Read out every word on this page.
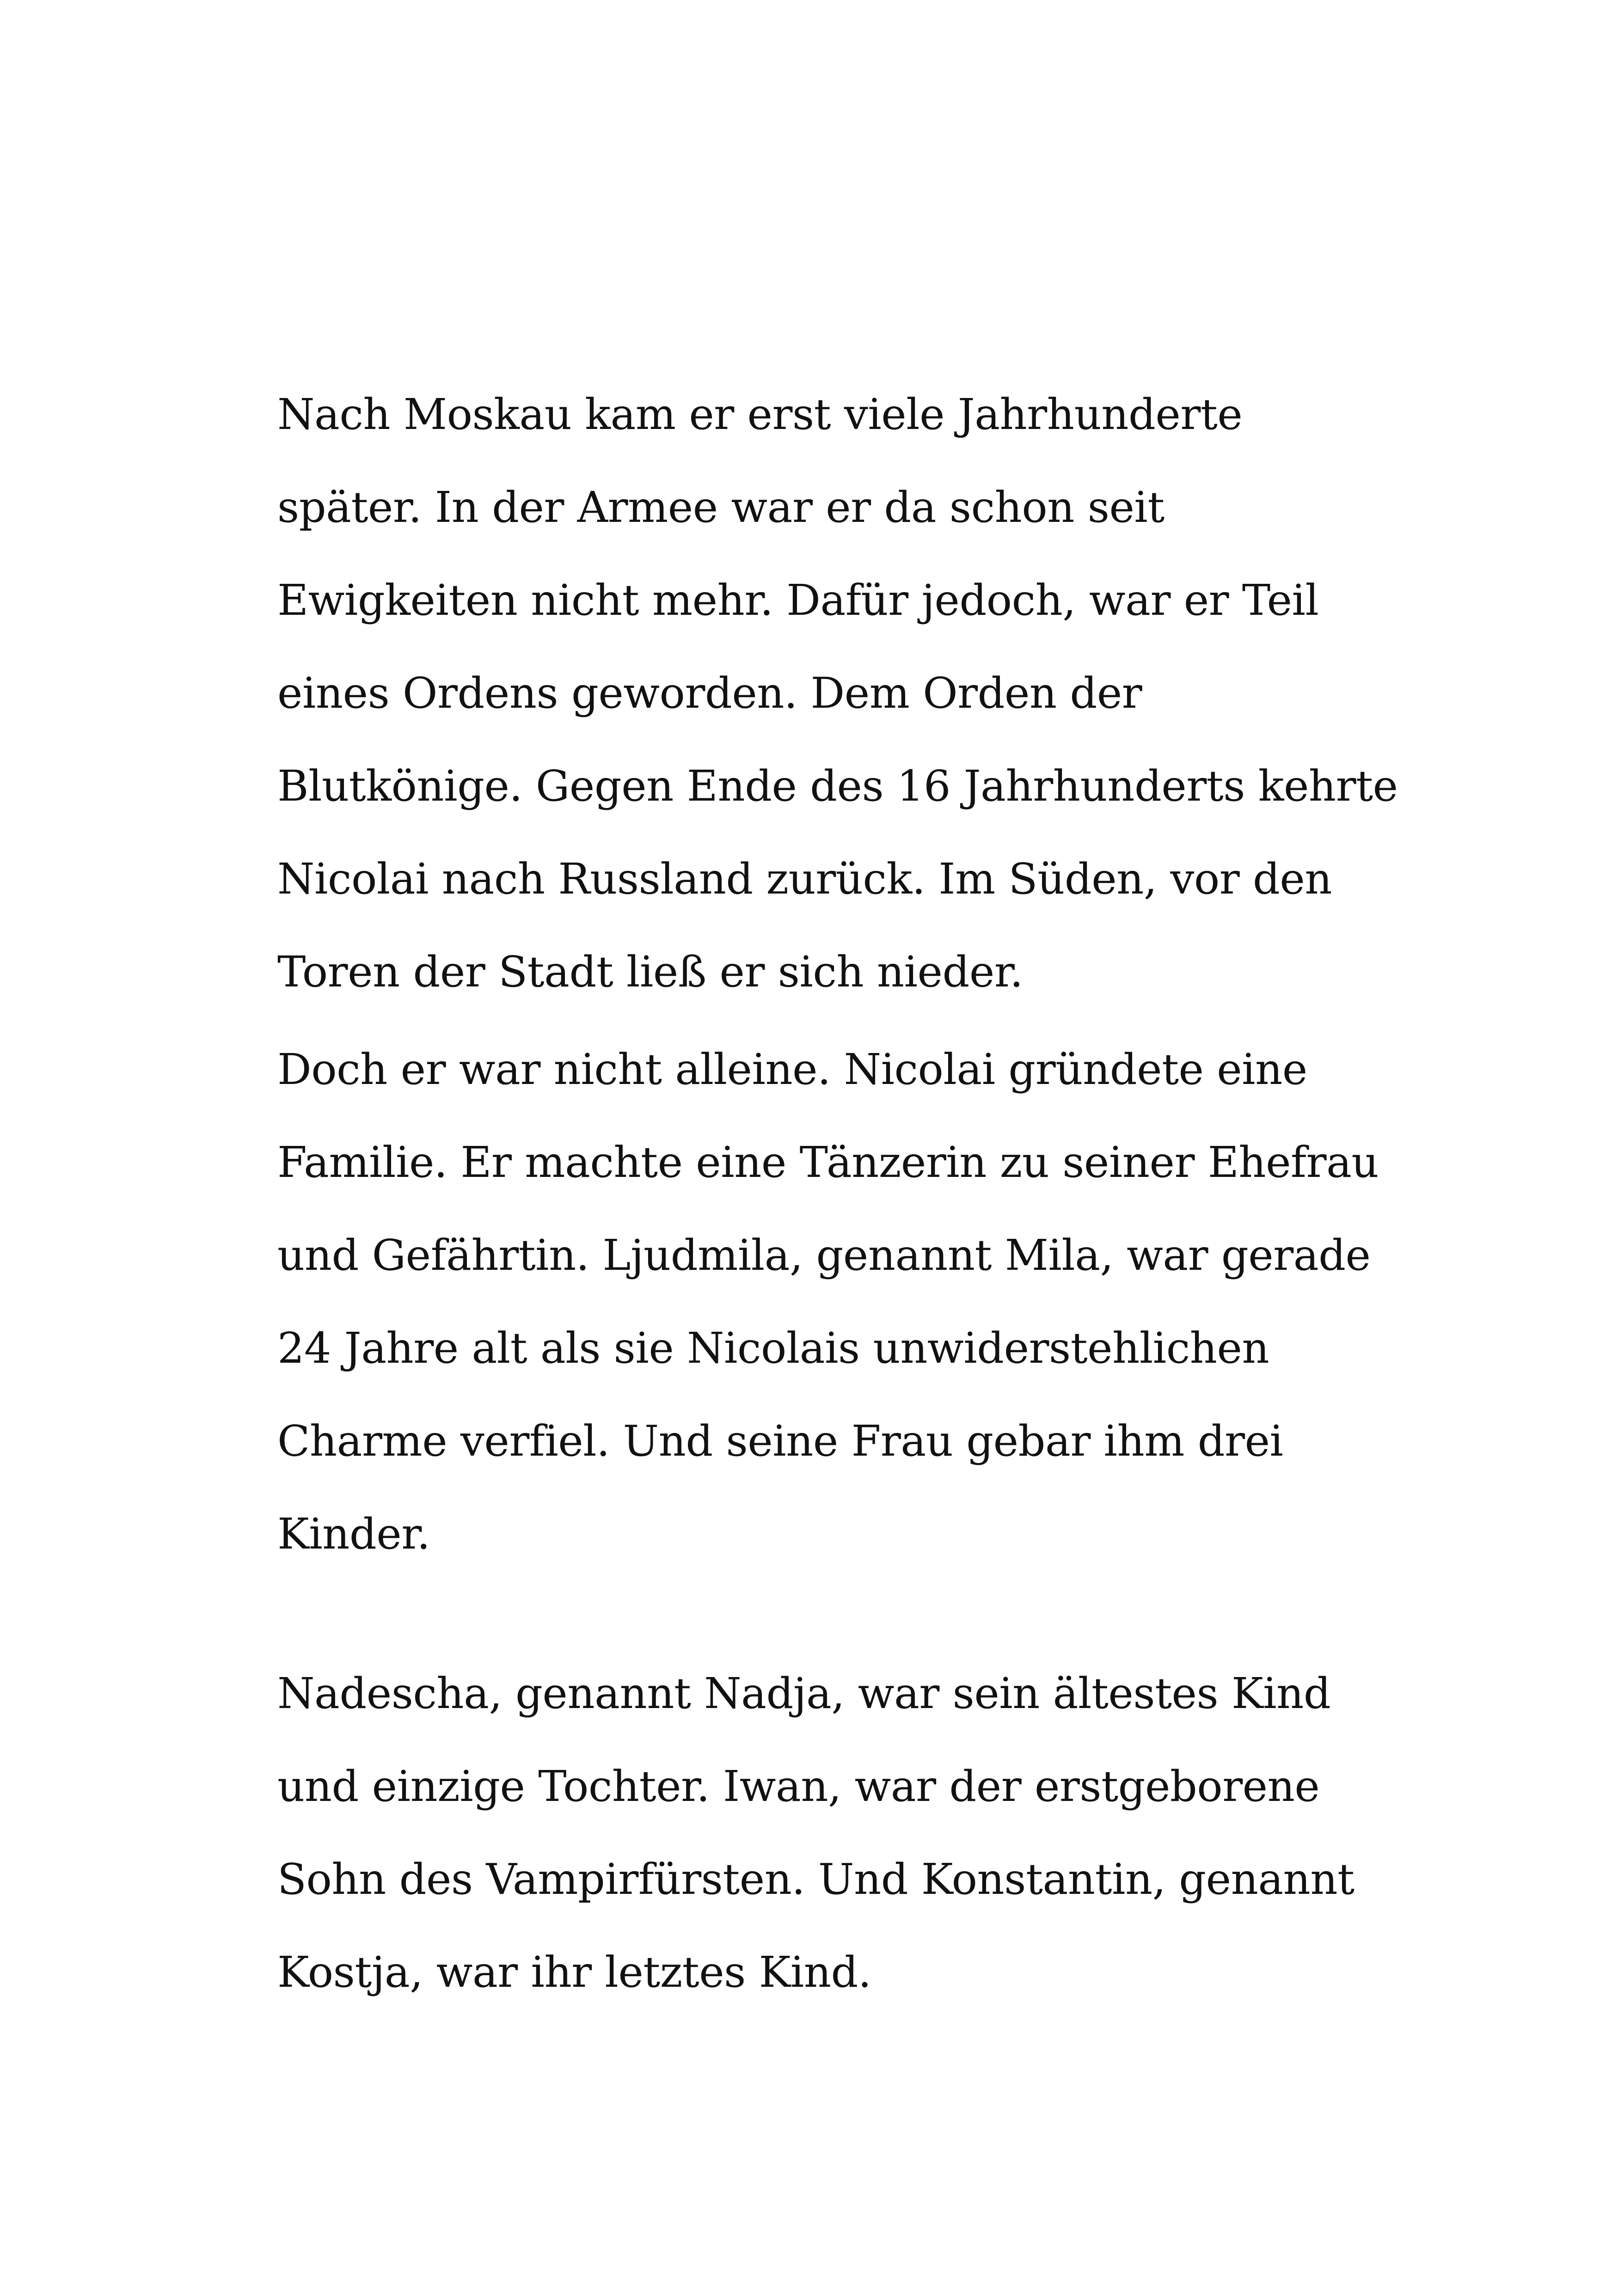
Nach Moskau kam er erst viele Jahrhunderte
später. In der Armee war er da schon seit
Ewigkeiten nicht mehr. Dafür jedoch, war er Teil
eines Ordens geworden. Dem Orden der
Blutkönige. Gegen Ende des 16 Jahrhunderts kehrte
Nicolai nach Russland zurück. Im Süden, vor den
Toren der Stadt ließ er sich nieder.
Doch er war nicht alleine. Nicolai gründete eine
Familie. Er machte eine Tänzerin zu seiner Ehefrau
und Gefährtin. Ljudmila, genannt Mila, war gerade
24 Jahre alt als sie Nicolais unwiderstehlichen
Charme verfiel. Und seine Frau gebar ihm drei
Kinder.
Nadescha, genannt Nadja, war sein ältestes Kind
und einzige Tochter. Iwan, war der erstgeborene
Sohn des Vampirfürsten. Und Konstantin, genannt
Kostja, war ihr letztes Kind.
